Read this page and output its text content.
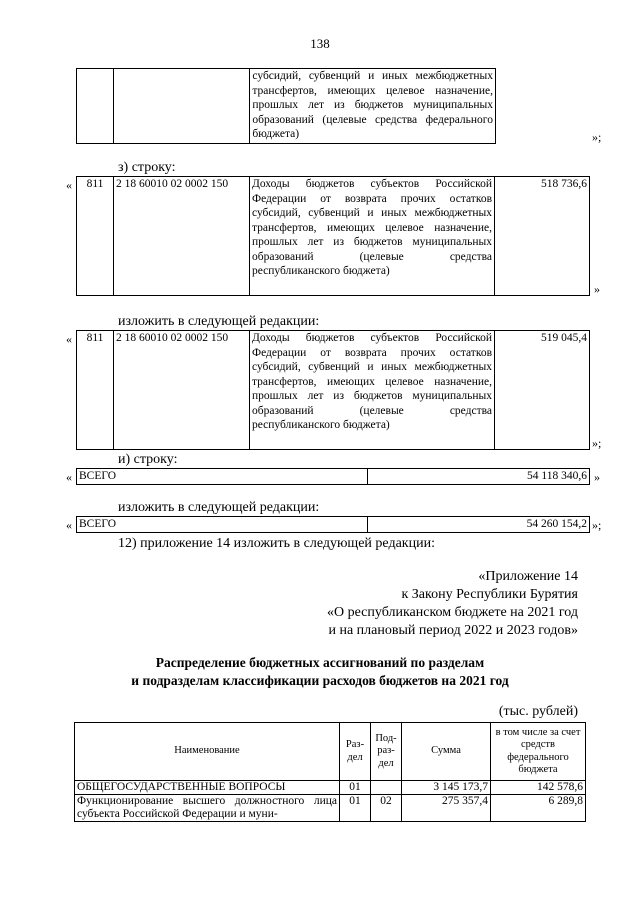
138
		субсидий, субвенций и иных межбюджетных трансфертов, имеющих целевое назначение, прошлых лет из бюджетов муниципальных образований (целевые средства федерального бюджета)	»;
з) строку:
« 811	2 18 60010 02 0002 150	Доходы бюджетов субъектов Российской Федерации от возврата прочих остатков субсидий, субвенций и иных межбюджетных трансфертов, имеющих целевое назначение, прошлых лет из бюджетов муниципальных образований (целевые средства республиканского бюджета)	518 736,6
»
изложить в следующей редакции:
« 811	2 18 60010 02 0002 150	Доходы бюджетов субъектов Российской Федерации от возврата прочих остатков субсидий, субвенций и иных межбюджетных трансфертов, имеющих целевое назначение, прошлых лет из бюджетов муниципальных образований (целевые средства республиканского бюджета)	519 045,4
»;
и) строку:
« ВСЕГО	54 118 340,6 »
изложить в следующей редакции:
« ВСЕГО	54 260 154,2 »;
12) приложение 14 изложить в следующей редакции:
«Приложение 14
к Закону Республики Бурятия
«О республиканском бюджете на 2021 год
и на плановый период 2022 и 2023 годов»
Распределение бюджетных ассигнований по разделам
и подразделам классификации расходов бюджетов на 2021 год
(тыс. рублей)
Наименование	Раз-дел	Под-раз-дел	Сумма	в том числе за счет средств федерального бюджета
ОБЩЕГОСУДАРСТВЕННЫЕ ВОПРОСЫ	01		3 145 173,7	142 578,6
Функционирование высшего должностного лица субъекта Российской Федерации и муни-	01	02	275 357,4	6 289,8
